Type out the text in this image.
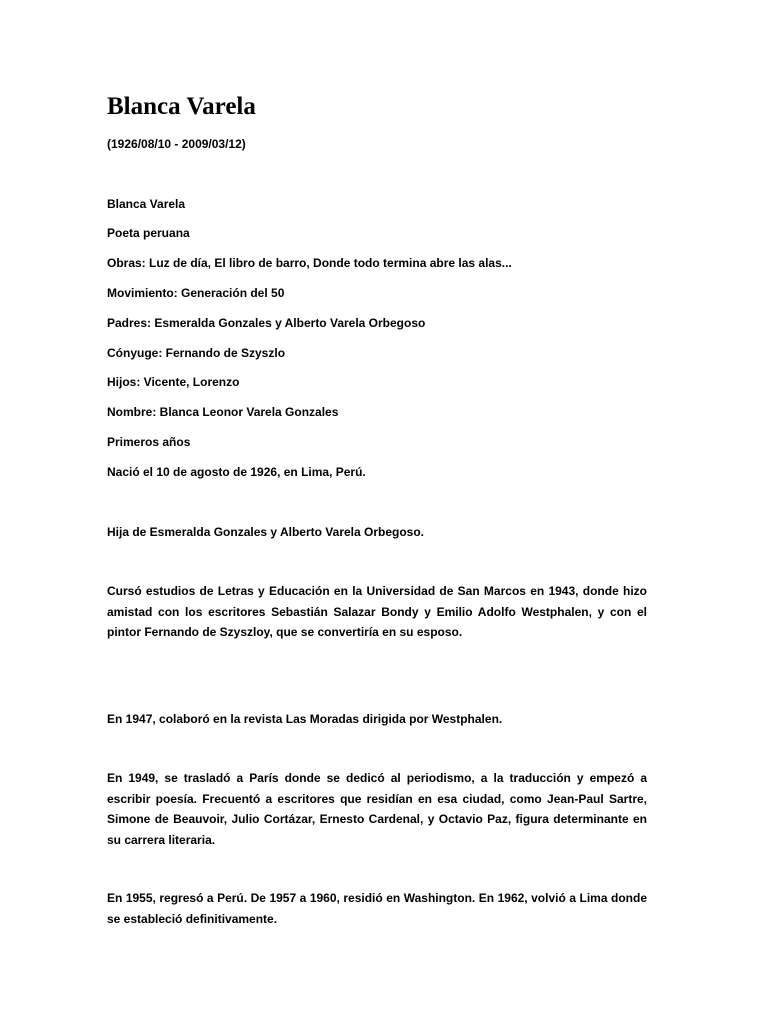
Blanca Varela

(1926/08/10 - 2009/03/12)

Blanca Varela

Poeta peruana

Obras: Luz de día, El libro de barro, Donde todo termina abre las alas...

Movimiento: Generación del 50

Padres: Esmeralda Gonzales y Alberto Varela Orbegoso

Cónyuge: Fernando de Szyszlo

Hijos: Vicente, Lorenzo

Nombre: Blanca Leonor Varela Gonzales

Primeros años

Nació el 10 de agosto de 1926, en Lima, Perú.

Hija de Esmeralda Gonzales y Alberto Varela Orbegoso.

Cursó estudios de Letras y Educación en la Universidad de San Marcos en 1943, donde hizo amistad con los escritores Sebastián Salazar Bondy y Emilio Adolfo Westphalen, y con el pintor Fernando de Szyszloy, que se convertiría en su esposo.

En 1947, colaboró en la revista Las Moradas dirigida por Westphalen.

En 1949, se trasladó a París donde se dedicó al periodismo, a la traducción y empezó a escribir poesía. Frecuentó a escritores que residían en esa ciudad, como Jean-Paul Sartre, Simone de Beauvoir, Julio Cortázar, Ernesto Cardenal, y Octavio Paz, figura determinante en su carrera literaria.

En 1955, regresó a Perú. De 1957 a 1960, residió en Washington. En 1962, volvió a Lima donde se estableció definitivamente.
